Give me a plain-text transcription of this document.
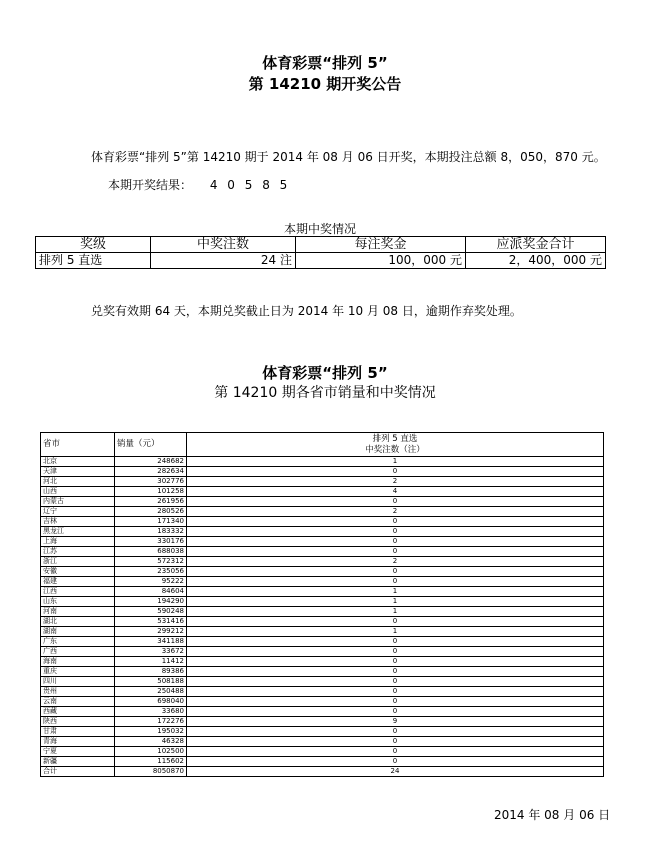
体育彩票“排列 5”
第 14210 期开奖公告
体育彩票“排列 5”第 14210 期于 2014 年 08 月 06 日开奖，本期投注总额 8，050，870 元。
本期开奖结果： 4 0 5 8 5
本期中奖情况
奖级	中奖注数	每注奖金	应派奖金合计
排列 5 直选	24 注	100，000 元	2，400，000 元
兑奖有效期 64 天，本期兑奖截止日为 2014 年 10 月 08 日，逾期作弃奖处理。
体育彩票“排列 5”
第 14210 期各省市销量和中奖情况
省市	销量（元）	排列 5 直选
中奖注数（注）

北京	248682	1
天津	282634	0
河北	302776	2
山西	101258	4
内蒙古	261956	0
辽宁	280526	2
吉林	171340	0
黑龙江	183332	0
上海	330176	0
江苏	688038	0
浙江	572312	2
安徽	235056	0
福建	95222	0
江西	84604	1
山东	194290	1
河南	590248	1
湖北	531416	0
湖南	299212	1
广东	341188	0
广西	33672	0
海南	11412	0
重庆	89386	0
四川	508188	0
贵州	250488	0
云南	698040	0
西藏	33680	0
陕西	172276	9
甘肃	195032	0
青海	46328	0
宁夏	102500	0
新疆	115602	0
合计	8050870	24
2014 年 08 月 06 日
